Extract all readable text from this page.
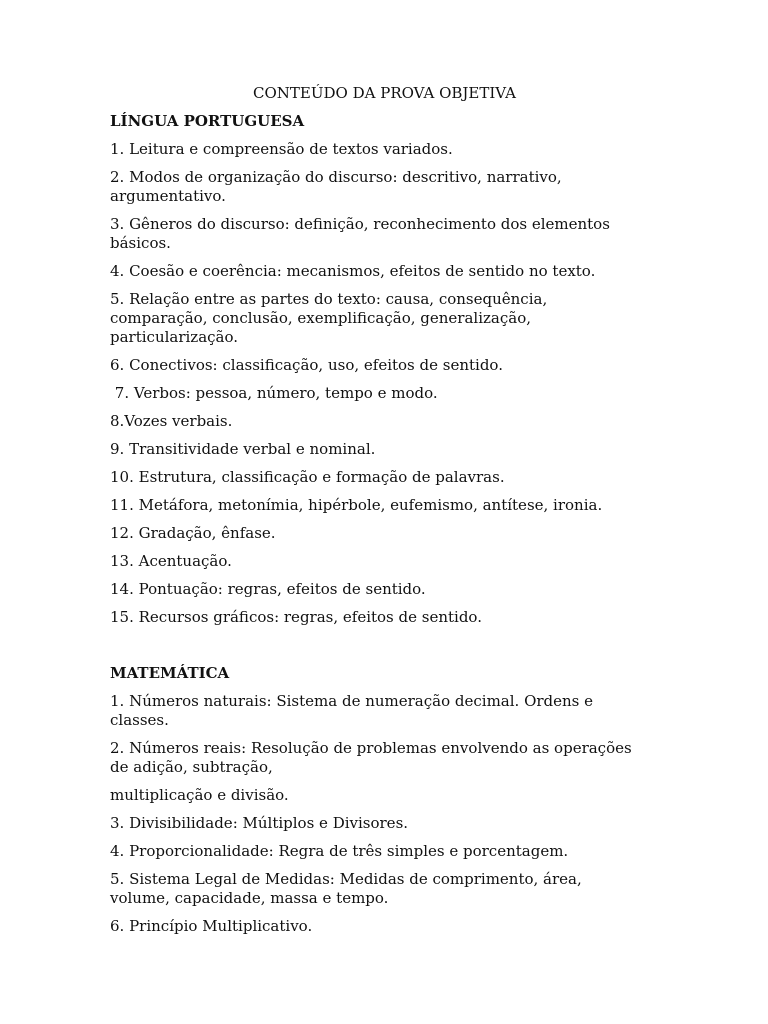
CONTEÚDO DA PROVA OBJETIVA
LÍNGUA PORTUGUESA
1. Leitura e compreensão de textos variados.
2. Modos de organização do discurso: descritivo, narrativo,
argumentativo.
3. Gêneros do discurso: definição, reconhecimento dos elementos
básicos.
4. Coesão e coerência: mecanismos, efeitos de sentido no texto.
5. Relação entre as partes do texto: causa, consequência,
comparação, conclusão, exemplificação, generalização,
particularização.
6. Conectivos: classificação, uso, efeitos de sentido.
7. Verbos: pessoa, número, tempo e modo.
8.Vozes verbais.
9. Transitividade verbal e nominal.
10. Estrutura, classificação e formação de palavras.
11. Metáfora, metonímia, hipérbole, eufemismo, antítese, ironia.
12. Gradação, ênfase.
13. Acentuação.
14. Pontuação: regras, efeitos de sentido.
15. Recursos gráficos: regras, efeitos de sentido.
MATEMÁTICA
1. Números naturais: Sistema de numeração decimal. Ordens e
classes.
2. Números reais: Resolução de problemas envolvendo as operações
de adição, subtração,
multiplicação e divisão.
3. Divisibilidade: Múltiplos e Divisores.
4. Proporcionalidade: Regra de três simples e porcentagem.
5. Sistema Legal de Medidas: Medidas de comprimento, área,
volume, capacidade, massa e tempo.
6. Princípio Multiplicativo.
